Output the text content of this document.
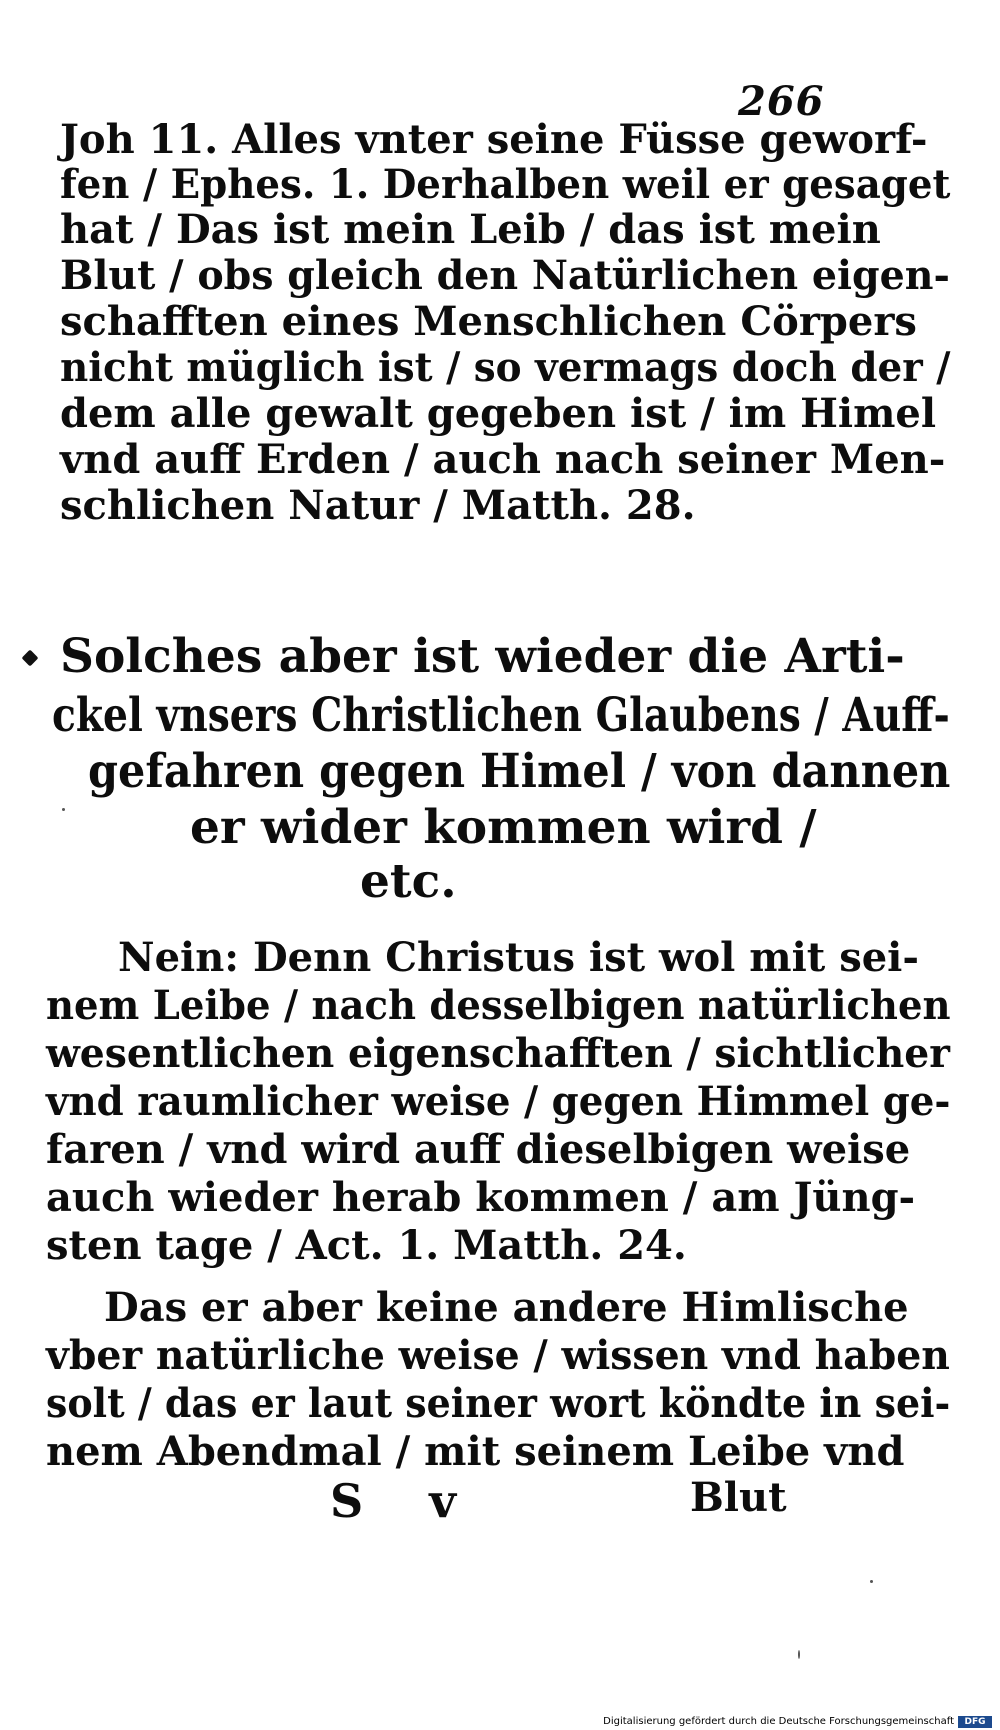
266
Joh 11. Alles vnter seine Füsse geworf-
fen / Ephes. 1. Derhalben weil er gesaget
hat / Das ist mein Leib / das ist mein
Blut / obs gleich den Natürlichen eigen-
schafften eines Menschlichen Cörpers
nicht müglich ist / so vermags doch der /
dem alle gewalt gegeben ist / im Himel
vnd auff Erden / auch nach seiner Men-
schlichen Natur / Matth. 28.
Solches aber ist wieder die Arti-
ckel vnsers Christlichen Glaubens / Auff-
gefahren gegen Himel / von dannen
er wider kommen wird /
etc.
Nein: Denn Christus ist wol mit sei-
nem Leibe / nach desselbigen natürlichen
wesentlichen eigenschafften / sichtlicher
vnd raumlicher weise / gegen Himmel ge-
faren / vnd wird auff dieselbigen weise
auch wieder herab kommen / am Jüng-
sten tage / Act. 1. Matth. 24.
Das er aber keine andere Himlische
vber natürliche weise / wissen vnd haben
solt / das er laut seiner wort köndte in sei-
nem Abendmal / mit seinem Leibe vnd
S v	Blut
Digitalisierung gefördert durch die Deutsche Forschungsgemeinschaft	DFG
